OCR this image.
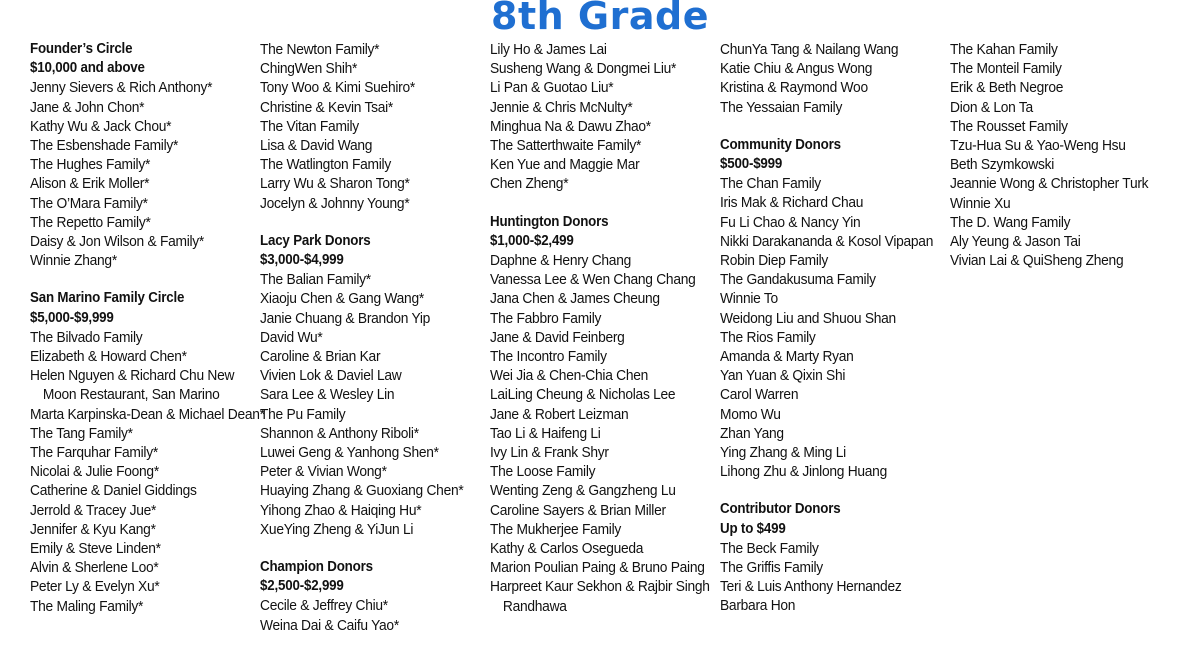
8th Grade
Founder’s Circle
$10,000 and above
Jenny Sievers & Rich Anthony*
Jane & John Chon*
Kathy Wu & Jack Chou*
The Esbenshade Family*
The Hughes Family*
Alison & Erik Moller*
The O’Mara Family*
The Repetto Family*
Daisy & Jon Wilson & Family*
Winnie Zhang*
San Marino Family Circle
$5,000-$9,999
The Bilvado Family
Elizabeth & Howard Chen*
Helen Nguyen & Richard Chu New Moon Restaurant, San Marino
Marta Karpinska-Dean & Michael Dean*
The Tang Family*
The Farquhar Family*
Nicolai & Julie Foong*
Catherine & Daniel Giddings
Jerrold & Tracey Jue*
Jennifer & Kyu Kang*
Emily & Steve Linden*
Alvin & Sherlene Loo*
Peter Ly & Evelyn Xu*
The Maling Family*
The Newton Family*
ChingWen Shih*
Tony Woo & Kimi Suehiro*
Christine & Kevin Tsai*
The Vitan Family
Lisa & David Wang
The Watlington Family
Larry Wu & Sharon Tong*
Jocelyn & Johnny Young*
Lacy Park Donors
$3,000-$4,999
The Balian Family*
Xiaoju Chen & Gang Wang*
Janie Chuang & Brandon Yip
David Wu*
Caroline & Brian Kar
Vivien Lok & Daviel Law
Sara Lee & Wesley Lin
The Pu Family
Shannon & Anthony Riboli*
Luwei Geng & Yanhong Shen*
Peter & Vivian Wong*
Huaying Zhang & Guoxiang Chen*
Yihong Zhao & Haiqing Hu*
XueYing Zheng & YiJun Li
Champion Donors
$2,500-$2,999
Cecile & Jeffrey Chiu*
Weina Dai & Caifu Yao*
Lily Ho & James Lai
Susheng Wang & Dongmei Liu*
Li Pan & Guotao Liu*
Jennie & Chris McNulty*
Minghua Na & Dawu Zhao*
The Satterthwaite Family*
Ken Yue and Maggie Mar
Chen Zheng*
Huntington Donors
$1,000-$2,499
Daphne & Henry Chang
Vanessa Lee & Wen Chang Chang
Jana Chen & James Cheung
The Fabbro Family
Jane & David Feinberg
The Incontro Family
Wei Jia & Chen-Chia Chen
LaiLing Cheung & Nicholas Lee
Jane & Robert Leizman
Tao Li & Haifeng Li
Ivy Lin & Frank Shyr
The Loose Family
Wenting Zeng & Gangzheng Lu
Caroline Sayers & Brian Miller
The Mukherjee Family
Kathy & Carlos Osegueda
Marion Poulian Paing & Bruno Paing
Harpreet Kaur Sekhon & Rajbir Singh Randhawa
ChunYa Tang & Nailang Wang
Katie Chiu & Angus Wong
Kristina & Raymond Woo
The Yessaian Family
Community Donors
$500-$999
The Chan Family
Iris Mak & Richard Chau
Fu Li Chao & Nancy Yin
Nikki Darakananda & Kosol Vipapan
Robin Diep Family
The Gandakusuma Family
Winnie To
Weidong Liu and Shuou Shan
The Rios Family
Amanda & Marty Ryan
Yan Yuan & Qixin Shi
Carol Warren
Momo Wu
Zhan Yang
Ying Zhang & Ming Li
Lihong Zhu & Jinlong Huang
Contributor Donors
Up to $499
The Beck Family
The Griffis Family
Teri & Luis Anthony Hernandez
Barbara Hon
The Kahan Family
The Monteil Family
Erik & Beth Negroe
Dion & Lon Ta
The Rousset Family
Tzu-Hua Su & Yao-Weng Hsu
Beth Szymkowski
Jeannie Wong & Christopher Turk
Winnie Xu
The D. Wang Family
Aly Yeung & Jason Tai
Vivian Lai & QuiSheng Zheng
